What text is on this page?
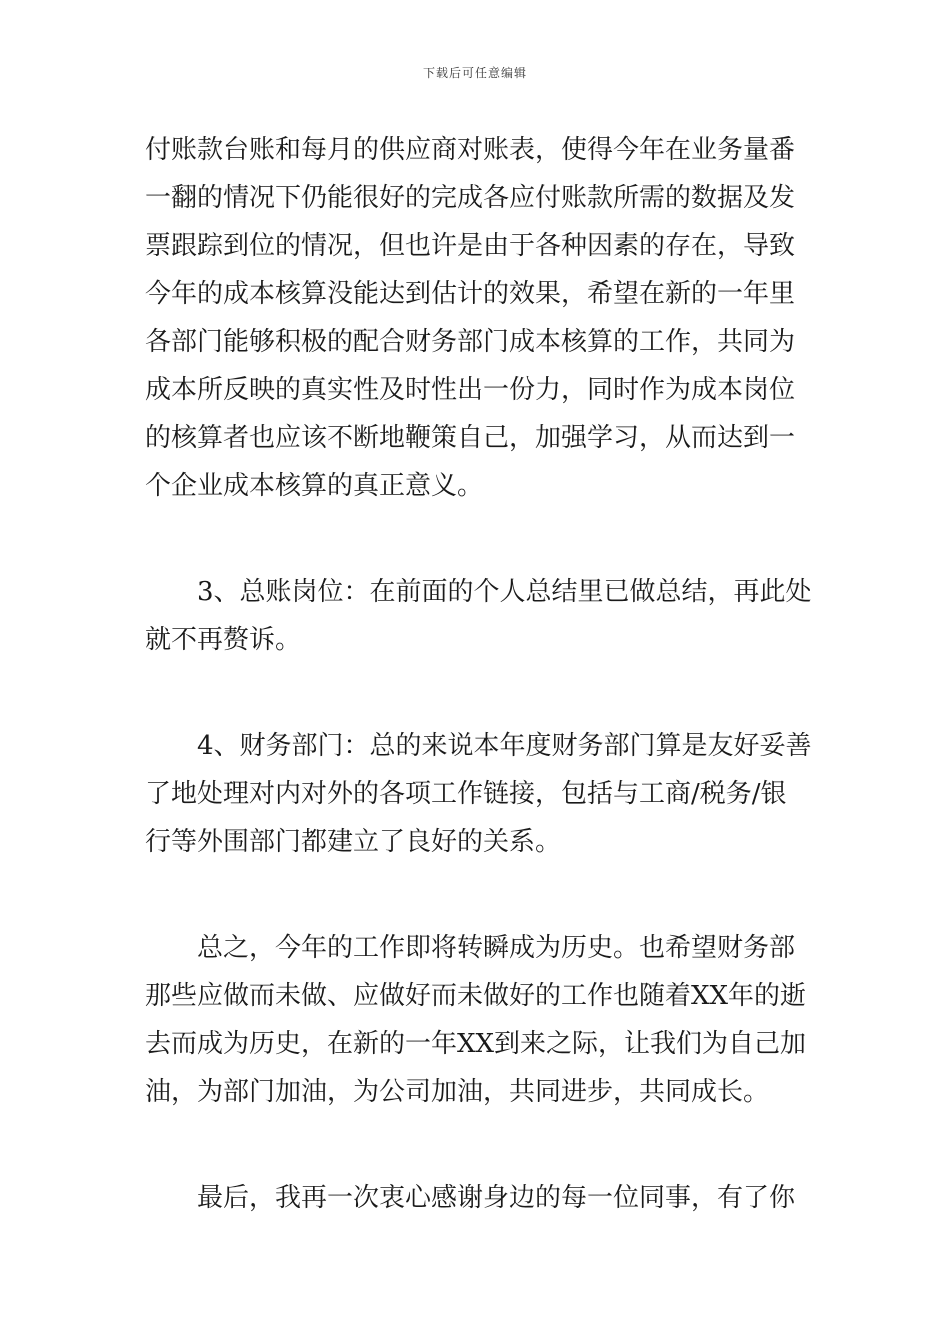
下载后可任意编辑
付账款台账和每月的供应商对账表，使得今年在业务量番
一翻的情况下仍能很好的完成各应付账款所需的数据及发
票跟踪到位的情况，但也许是由于各种因素的存在，导致
今年的成本核算没能达到估计的效果，希望在新的一年里
各部门能够积极的配合财务部门成本核算的工作，共同为
成本所反映的真实性及时性出一份力，同时作为成本岗位
的核算者也应该不断地鞭策自己，加强学习，从而达到一
个企业成本核算的真正意义。
　　3、总账岗位：在前面的个人总结里已做总结，再此处
就不再赘诉。
　　4、财务部门：总的来说本年度财务部门算是友好妥善
了地处理对内对外的各项工作链接，包括与工商/税务/银
行等外围部门都建立了良好的关系。
　　总之，今年的工作即将转瞬成为历史。也希望财务部
那些应做而未做、应做好而未做好的工作也随着XX年的逝
去而成为历史，在新的一年XX到来之际，让我们为自己加
油，为部门加油，为公司加油，共同进步，共同成长。
　　最后，我再一次衷心感谢身边的每一位同事，有了你
